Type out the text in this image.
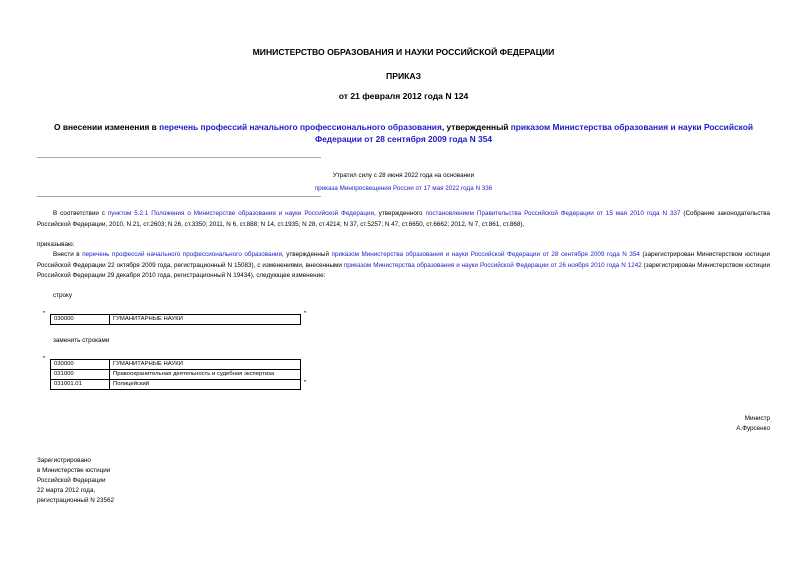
МИНИСТЕРСТВО ОБРАЗОВАНИЯ И НАУКИ РОССИЙСКОЙ ФЕДЕРАЦИИ
ПРИКАЗ
от 21 февраля 2012 года N 124
О внесении изменения в перечень профессий начального профессионального образования, утвержденный приказом Министерства образования и науки Российской Федерации от 28 сентября 2009 года N 354
Утратил силу с 28 июня 2022 года на основании
приказа Минпросвещения России от 17 мая 2022 года N 336
В соответствии с пунктом 5.2.1 Положения о Министерстве образования и науки Российской Федерации, утвержденного постановлением Правительства Российской Федерации от 15 мая 2010 года N 337 (Собрание законодательства Российской Федерации, 2010, N 21, ст.2603; N 26, ст.3350; 2011, N 6, ст.888; N 14, ст.1935; N 28, ст.4214; N 37, ст.5257; N 47, ст.6650, ст.6662; 2012, N 7, ст.861, ст.868),
приказываю:
Внести в перечень профессий начального профессионального образования, утвержденный приказом Министерства образования и науки Российской Федерации от 28 сентября 2009 года N 354 (зарегистрирован Министерством юстиции Российской Федерации 22 октября 2009 года, регистрационный N 15083), с изменениями, внесенными приказом Министерства образования и науки Российской Федерации от 26 ноября 2010 года N 1242 (зарегистрирован Министерством юстиции Российской Федерации 29 декабря 2010 года, регистрационный N 19434), следующее изменение:
строку
"
030000	ГУМАНИТАРНЫЕ НАУКИ
"
заменить строками
"
030000	ГУМАНИТАРНЫЕ НАУКИ
031000	Правоохранительная деятельность и судебная экспертиза
031001.01	Полицейский	"
Министр
А.Фурсенко
Зарегистрировано
в Министерстве юстиции
Российской Федерации
22 марта 2012 года,
регистрационный N 23562
